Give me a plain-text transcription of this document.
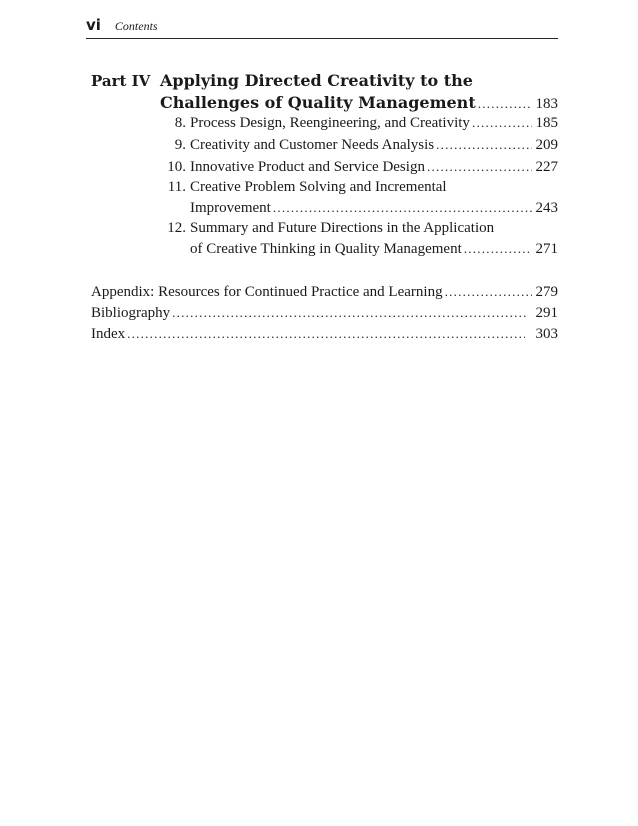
vi Contents
Part IV Applying Directed Creativity to the
Challenges of Quality Management . . .	183
8. Process Design, Reengineering, and Creativity . . .	185
9. Creativity and Customer Needs Analysis . . .	209
10. Innovative Product and Service Design . . .	227
11. Creative Problem Solving and Incremental
Improvement . . .	243
12. Summary and Future Directions in the Application
of Creative Thinking in Quality Management . . .	271
Appendix: Resources for Continued Practice and Learning . . .	279
Bibliography . . .	291
Index . . .	303
